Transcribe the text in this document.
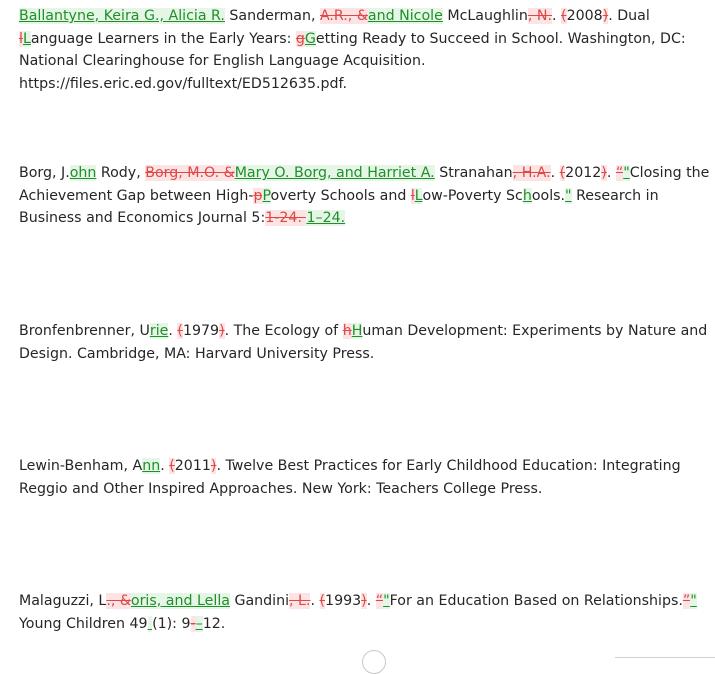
Ballantyne, Keira G., Alicia R. Sanderman, A.R., &and Nicole McLaughlin, N.. (2008). Dual lLanguage Learners in the Early Years: gGetting Ready to Succeed in School. Washington, DC: National Clearinghouse for English Language Acquisition. https://files.eric.ed.gov/fulltext/ED512635.pdf.

Borg, J.ohn Rody, Borg, M.O. &Mary O. Borg, and Harriet A. Stranahan, H.A.. (2012). “"Closing the Achievement Gap between High-pPoverty Schools and lLow-Poverty Schools." Research in Business and Economics Journal 5:1-24. 1–24.

Bronfenbrenner, Urie. (1979). The Ecology of hHuman Development: Experiments by Nature and Design. Cambridge, MA: Harvard University Press.

Lewin-Benham, Ann. (2011). Twelve Best Practices for Early Childhood Education: Integrating Reggio and Other Inspired Approaches. New York: Teachers College Press.

Malaguzzi, L., &oris, and Lella Gandini, L.. (1993). “"For an Education Based on Relationships.”" Young Children 49 (1): 9-–12.
